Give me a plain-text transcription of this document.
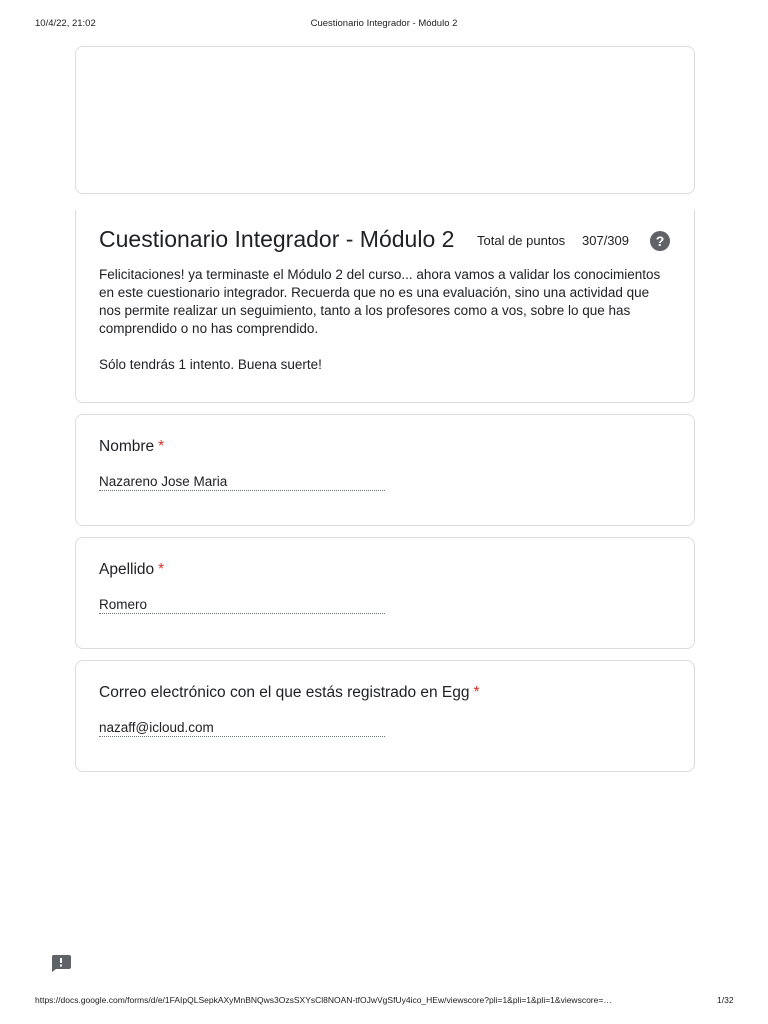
10/4/22, 21:02	Cuestionario Integrador - Módulo 2
Cuestionario Integrador - Módulo 2 Total de puntos 307/309	?

Felicitaciones! ya terminaste el Módulo 2 del curso... ahora vamos a validar los conocimientos en este cuestionario integrador. Recuerda que no es una evaluación, sino una actividad que nos permite realizar un seguimiento, tanto a los profesores como a vos, sobre lo que has comprendido o no has comprendido.

Sólo tendrás 1 intento. Buena suerte!

Nombre *
Nazareno Jose Maria
Apellido *
Romero
Correo electrónico con el que estás registrado en Egg *
nazaff@icloud.com
https://docs.google.com/forms/d/e/1FAIpQLSepkAXyMnBNQws3OzsSXYsCl8NOAN-tfOJwVgSfUy4ico_HEw/viewscore?pli=1&pli=1&pli=1&viewscore=…	1/32
